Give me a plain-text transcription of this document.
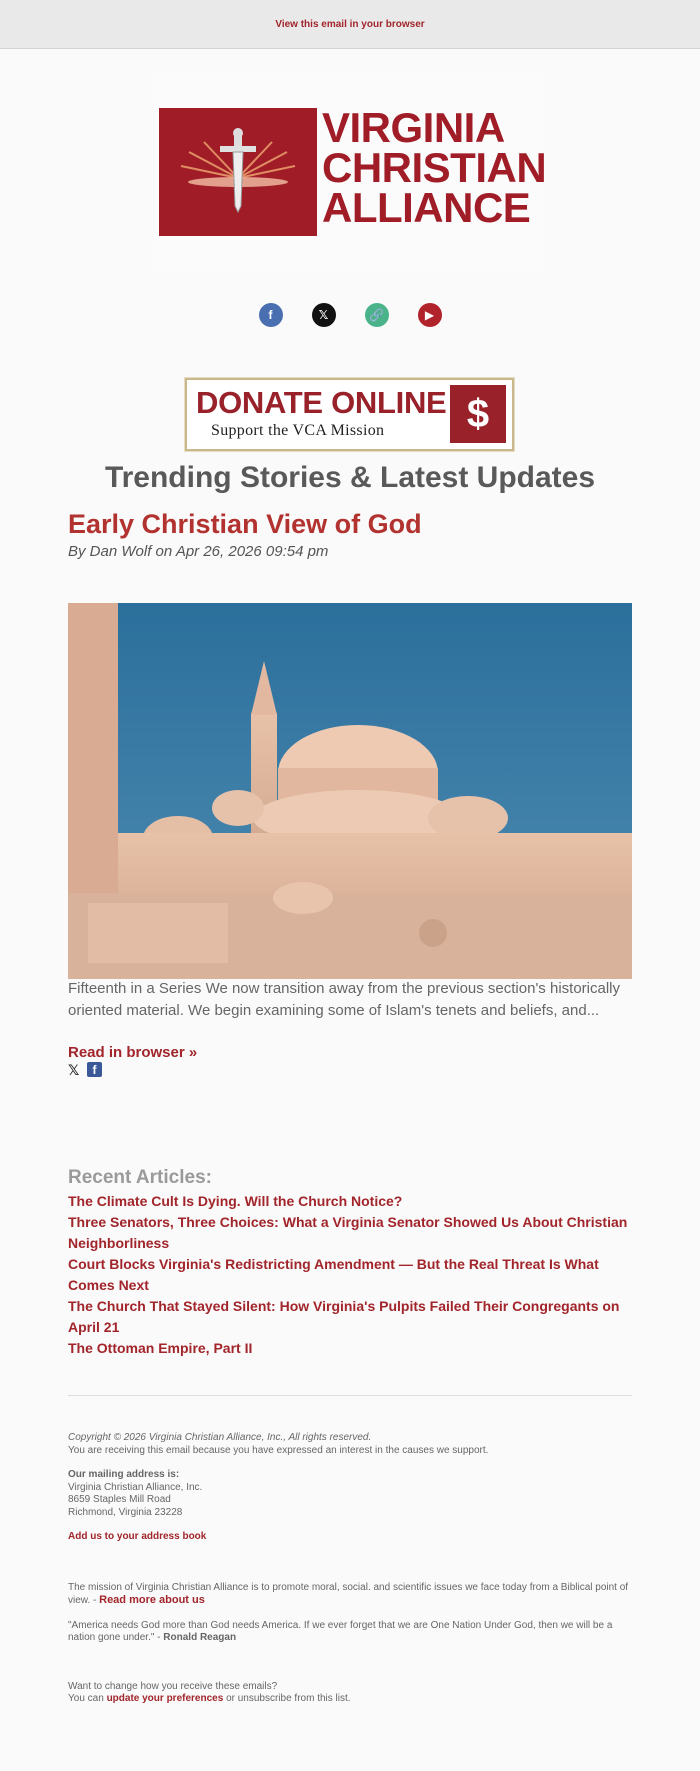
View this email in your browser
VIRGINIA
CHRISTIAN
ALLIANCE
f	𝕏	🔗	▶
DONATE ONLINE
Support the VCA Mission	$
Trending Stories & Latest Updates
Early Christian View of God
By Dan Wolf on Apr 26, 2026 09:54 pm
Fifteenth in a Series We now transition away from the previous section's historically oriented material. We begin examining some of Islam's tenets and beliefs, and...
Read in browser »
𝕏	f
Recent Articles:
The Climate Cult Is Dying. Will the Church Notice?
Three Senators, Three Choices: What a Virginia Senator Showed Us About Christian Neighborliness
Court Blocks Virginia's Redistricting Amendment — But the Real Threat Is What Comes Next
The Church That Stayed Silent: How Virginia's Pulpits Failed Their Congregants on April 21
The Ottoman Empire, Part II
Copyright © 2026 Virginia Christian Alliance, Inc., All rights reserved.
You are receiving this email because you have expressed an interest in the causes we support.
Our mailing address is:
Virginia Christian Alliance, Inc.
8659 Staples Mill Road
Richmond, Virginia 23228
Add us to your address book
The mission of Virginia Christian Alliance is to promote moral, social. and scientific issues we face today from a Biblical point of view. - Read more about us
"America needs God more than God needs America. If we ever forget that we are One Nation Under God, then we will be a nation gone under." - Ronald Reagan
Want to change how you receive these emails?
You can update your preferences or unsubscribe from this list.
